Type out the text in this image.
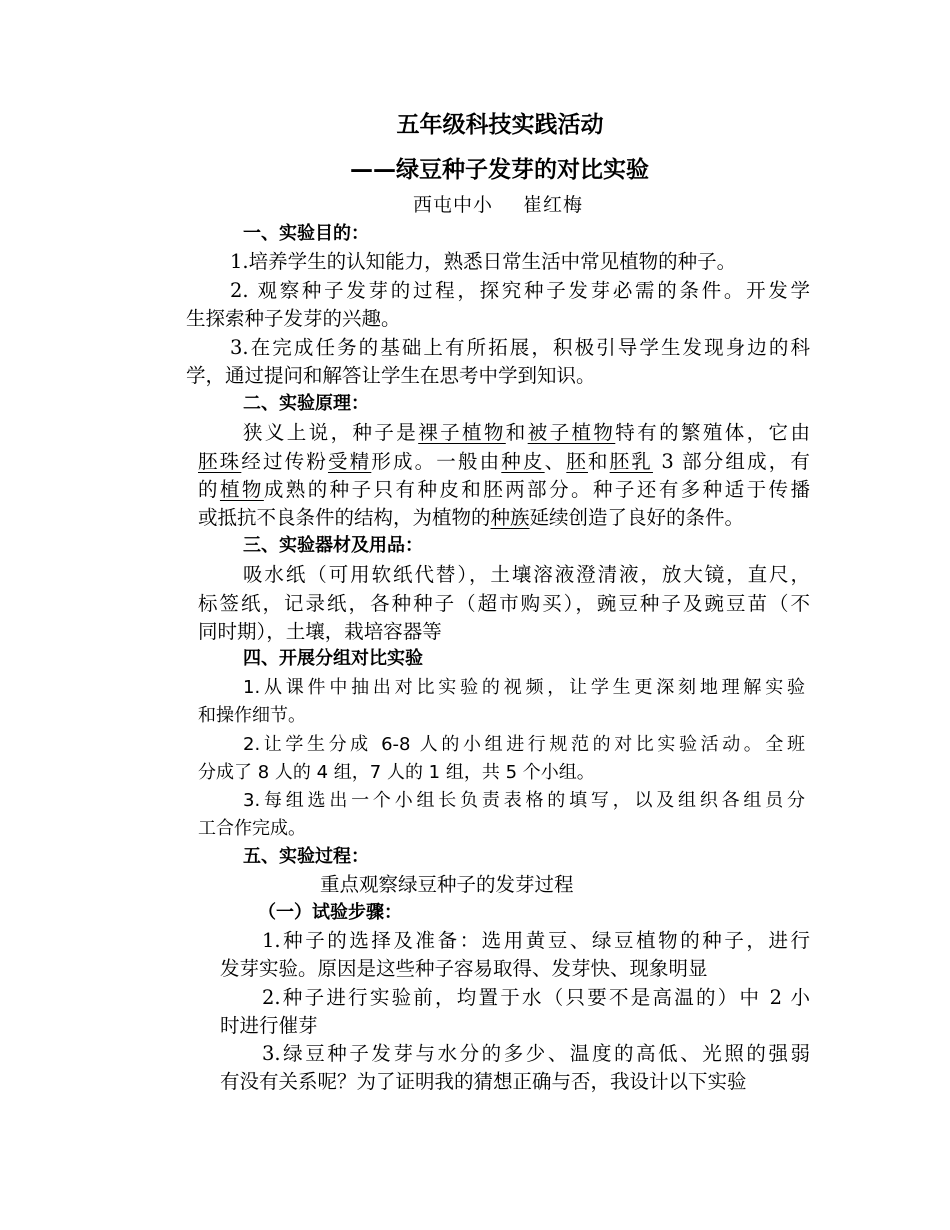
五年级科技实践活动
——绿豆种子发芽的对比实验
西屯中小 崔红梅
一、实验目的：
1.培养学生的认知能力，熟悉日常生活中常见植物的种子。
2. 观察种子发芽的过程，探究种子发芽必需的条件。开发学
生探索种子发芽的兴趣。
3.在完成任务的基础上有所拓展，积极引导学生发现身边的科
学，通过提问和解答让学生在思考中学到知识。
二、实验原理：
狭义上说，种子是裸子植物和被子植物特有的繁殖体，它由
胚珠经过传粉受精形成。一般由种皮、胚和胚乳 3 部分组成，有
的植物成熟的种子只有种皮和胚两部分。种子还有多种适于传播
或抵抗不良条件的结构，为植物的种族延续创造了良好的条件。
三、实验器材及用品：
吸水纸（可用软纸代替），土壤溶液澄清液，放大镜，直尺，
标签纸，记录纸，各种种子（超市购买），豌豆种子及豌豆苗（不
同时期），土壤，栽培容器等
四、开展分组对比实验
1.从课件中抽出对比实验的视频，让学生更深刻地理解实验
和操作细节。
2.让学生分成 6-8 人的小组进行规范的对比实验活动。全班
分成了 8 人的 4 组，7 人的 1 组，共 5 个小组。
3.每组选出一个小组长负责表格的填写，以及组织各组员分
工合作完成。
五、实验过程：
重点观察绿豆种子的发芽过程
（一）试验步骤：
1.种子的选择及准备：选用黄豆、绿豆植物的种子，进行
发芽实验。原因是这些种子容易取得、发芽快、现象明显
2.种子进行实验前，均置于水（只要不是高温的）中 2 小
时进行催芽
3.绿豆种子发芽与水分的多少、温度的高低、光照的强弱
有没有关系呢？为了证明我的猜想正确与否，我设计以下实验
